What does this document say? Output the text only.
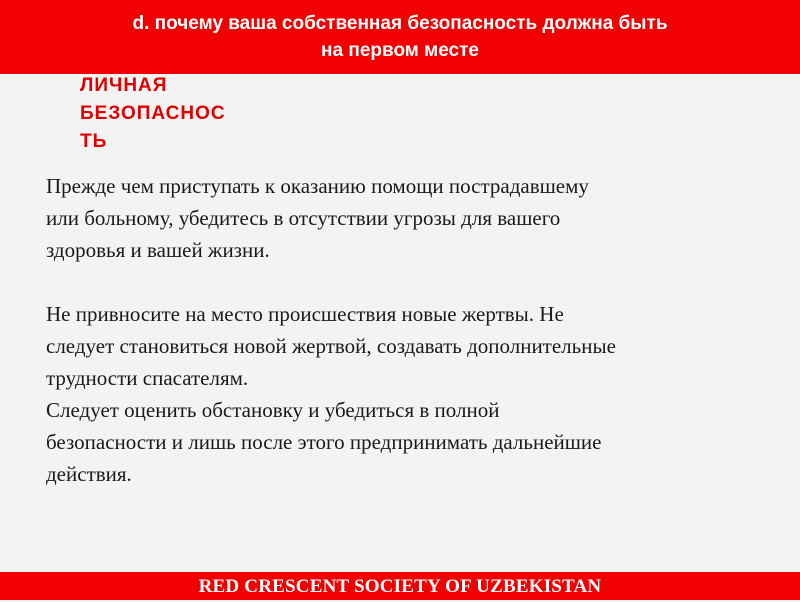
d. почему ваша собственная безопасность должна быть
на первом месте
ЛИЧНАЯ
БЕЗОПАСНОС
ТЬ
Прежде чем приступать к оказанию помощи пострадавшему
или больному, убедитесь в отсутствии угрозы для вашего
здоровья и вашей жизни.
Не привносите на место происшествия новые жертвы. Не
следует становиться новой жертвой, создавать дополнительные
трудности спасателям.
Следует оценить обстановку и убедиться в полной
безопасности и лишь после этого предпринимать дальнейшие
действия.
RED CRESCENT SOCIETY OF UZBEKISTAN
